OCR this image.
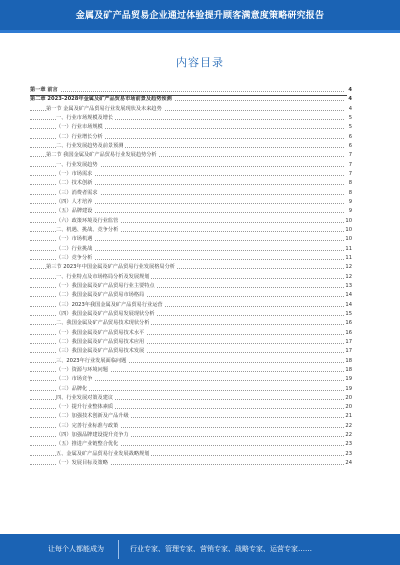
金属及矿产品贸易企业通过体验提升顾客满意度策略研究报告
内容目录
第一章 前言	4
第二章 2023-2028年金属及矿产品贸易市场前景及趋势预测	4
第一节 金属及矿产品贸易行业发展现状及未来趋势	4
一、行业市场规模及增长	5
（一）行业市场规模	5
（二）行业增长分析	6
二、行业发展趋势及前景预测	6
第二节 我国金属及矿产品贸易行业发展趋势分析	7
一、行业发展趋势	7
（一）市场需求	7
（二）技术创新	8
（三）消费者需求	8
（四）人才培养	9
（五）品牌建设	9
（六）政策环境及行业监管	10
二、机遇、挑战、竞争分析	10
（一）市场机遇	10
（二）行业挑战	11
（三）竞争分析	11
第三节 2023年中国金属及矿产品贸易行业发展格局分析	12
一、行业特点及市场格局分析及发展规划	12
（一）我国金属及矿产品贸易行业主要特点	13
（二）我国金属及矿产品贸易市场格局	14
（三）2023年我国金属及矿产品贸易行业运营	14
（四）我国金属及矿产品贸易发展现状分析	15
二、我国金属及矿产品贸易技术现状分析	16
（一）我国金属及矿产品贸易技术水平	16
（二）我国金属及矿产品贸易技术应用	17
（三）我国金属及矿产品贸易技术发展	17
三、2023年行业发展面临问题	18
（一）资源与环境问题	18
（二）市场竞争	19
（三）品牌化	19
四、行业发展对策及建议	20
（一）提升行业整体素质	20
（二）加强技术创新及产品升级	21
（三）完善行业标准与政策	22
（四）加强品牌建设提升竞争力	22
（五）推进产业链整合优化	23
五、金属及矿产品贸易行业发展战略规划	23
（一）发展目标及策略	24
让每个人都能成为	行业专家、管理专家、营销专家、战略专家、运营专家……
